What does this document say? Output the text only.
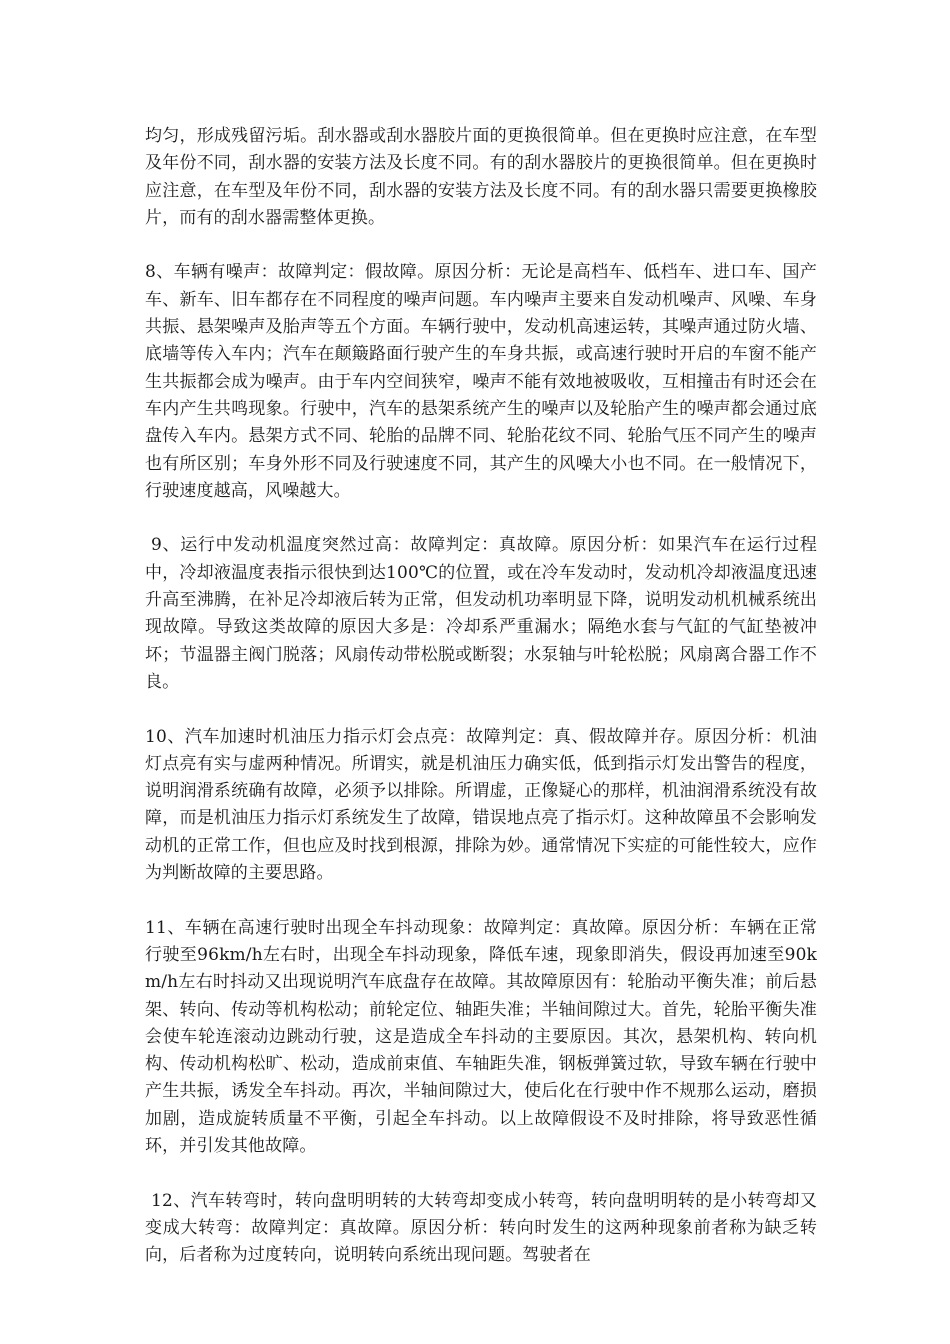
均匀，形成残留污垢。刮水器或刮水器胶片面的更换很简单。但在更换时应注意，在车型及年份不同，刮水器的安装方法及长度不同。有的刮水器胶片的更换很简单。但在更换时应注意，在车型及年份不同，刮水器的安装方法及长度不同。有的刮水器只需要更换橡胶片，而有的刮水器需整体更换。

8、车辆有噪声：故障判定：假故障。原因分析：无论是高档车、低档车、进口车、国产车、新车、旧车都存在不同程度的噪声问题。车内噪声主要来自发动机噪声、风噪、车身共振、悬架噪声及胎声等五个方面。车辆行驶中，发动机高速运转，其噪声通过防火墙、底墙等传入车内；汽车在颠簸路面行驶产生的车身共振，或高速行驶时开启的车窗不能产生共振都会成为噪声。由于车内空间狭窄，噪声不能有效地被吸收，互相撞击有时还会在车内产生共鸣现象。行驶中，汽车的悬架系统产生的噪声以及轮胎产生的噪声都会通过底盘传入车内。悬架方式不同、轮胎的品牌不同、轮胎花纹不同、轮胎气压不同产生的噪声也有所区别；车身外形不同及行驶速度不同，其产生的风噪大小也不同。在一般情况下，行驶速度越高，风噪越大。

9、运行中发动机温度突然过高：故障判定：真故障。原因分析：如果汽车在运行过程中，冷却液温度表指示很快到达100℃的位置，或在冷车发动时，发动机冷却液温度迅速升高至沸腾，在补足冷却液后转为正常，但发动机功率明显下降，说明发动机机械系统出现故障。导致这类故障的原因大多是：冷却系严重漏水；隔绝水套与气缸的气缸垫被冲坏；节温器主阀门脱落；风扇传动带松脱或断裂；水泵轴与叶轮松脱；风扇离合器工作不良。

10、汽车加速时机油压力指示灯会点亮：故障判定：真、假故障并存。原因分析：机油灯点亮有实与虚两种情况。所谓实，就是机油压力确实低，低到指示灯发出警告的程度，说明润滑系统确有故障，必须予以排除。所谓虚，正像疑心的那样，机油润滑系统没有故障，而是机油压力指示灯系统发生了故障，错误地点亮了指示灯。这种故障虽不会影响发动机的正常工作，但也应及时找到根源，排除为妙。通常情况下实症的可能性较大，应作为判断故障的主要思路。

11、车辆在高速行驶时出现全车抖动现象：故障判定：真故障。原因分析：车辆在正常行驶至96km/h左右时，出现全车抖动现象，降低车速，现象即消失，假设再加速至90km/h左右时抖动又出现说明汽车底盘存在故障。其故障原因有：轮胎动平衡失准；前后悬架、转向、传动等机构松动；前轮定位、轴距失准；半轴间隙过大。首先，轮胎平衡失准会使车轮连滚动边跳动行驶，这是造成全车抖动的主要原因。其次，悬架机构、转向机构、传动机构松旷、松动，造成前束值、车轴距失准，钢板弹簧过软，导致车辆在行驶中产生共振，诱发全车抖动。再次，半轴间隙过大，使后化在行驶中作不规那么运动，磨损加剧，造成旋转质量不平衡，引起全车抖动。以上故障假设不及时排除，将导致恶性循环，并引发其他故障。

12、汽车转弯时，转向盘明明转的大转弯却变成小转弯，转向盘明明转的是小转弯却又变成大转弯：故障判定：真故障。原因分析：转向时发生的这两种现象前者称为缺乏转向，后者称为过度转向，说明转向系统出现问题。驾驶者在
